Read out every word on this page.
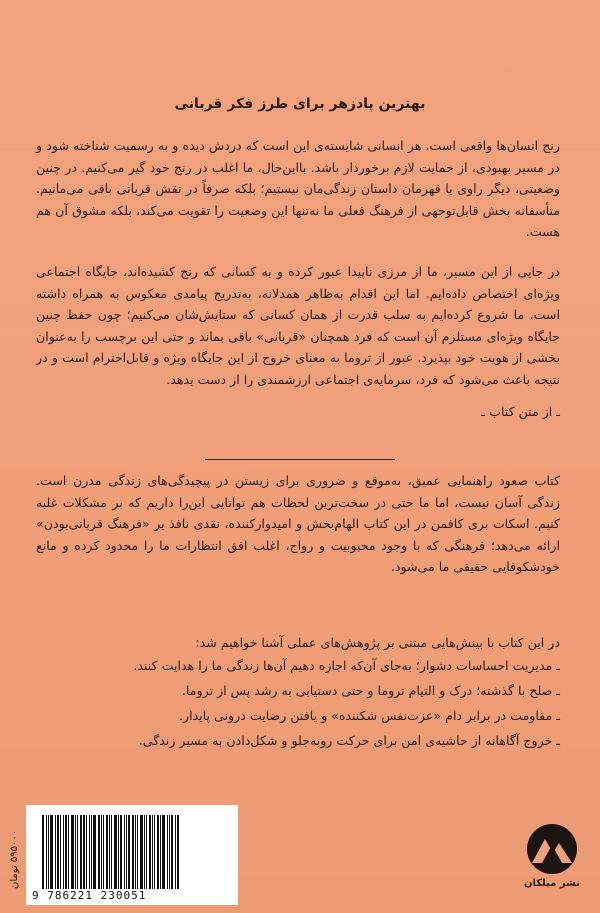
بهترین پادزهر برای طرز فکر قربانی
رنج انسان‌ها واقعی است. هر انسانی شایسته‌ی این است که دردش دیده و به رسمیت شناخته شود و در مسیر بهبودی، از حمایت لازم برخوردار باشد. بااین‌حال، ما اغلب در رنج خود گیر می‌کنیم. در چنین وضعیتی، دیگر راوی یا قهرمان داستان زندگی‌مان نیستیم؛ بلکه صرفاً در نقش قربانی باقی می‌مانیم. متأسفانه بخش قابل‌توجهی از فرهنگ فعلی ما نه‌تنها این وضعیت را تقویت می‌کند، بلکه مشوق آن هم هست.
در جایی از این مسیر، ما از مرزی ناپیدا عبور کرده و به کسانی که رنج کشیده‌اند، جایگاه اجتماعی ویژه‌ای اختصاص داده‌ایم. اما این اقدام به‌ظاهر همدلانه، به‌تدریج پیامدی معکوس به همراه داشته است. ما شروع کرده‌ایم به سلب قدرت از همان کسانی که ستایش‌شان می‌کنیم؛ چون حفظ چنین جایگاه ویژه‌ای مستلزم آن است که فرد همچنان «قربانی» باقی بماند و حتی این برچسب را به‌عنوان بخشی از هویت خود بپذیرد. عبور از تروما به معنای خروج از این جایگاه ویژه و قابل‌احترام است و در نتیجه باعث می‌شود که فرد، سرمایه‌ی اجتماعی ارزشمندی را از دست بدهد.
ـ از متن کتاب ـ
کتاب صعود راهنمایی عمیق، به‌موقع و ضروری برای زیستن در پیچیدگی‌های زندگی مدرن است. زندگی آسان نیست، اما ما حتی در سخت‌ترین لحظات هم توانایی این‌را داریم که بر مشکلات غلبه کنیم. اسکات بری کافمن در این کتاب الهام‌بخش و امیدوارکننده، نقدی نافذ بر «فرهنگ قربانی‌بودن» ارائه می‌دهد؛ فرهنگی که با وجود محبوبیت و رواج، اغلب افق انتظارات ما را محدود کرده و مانع خودشکوفایی حقیقی ما می‌شود.
در این کتاب با بینش‌هایی مبتنی بر پژوهش‌های عملی آشنا خواهیم شد:
ـ مدیریت احساسات دشوار؛ به‌جای آن‌که اجازه دهیم آن‌ها زندگی ما را هدایت کنند.
ـ صلح با گذشته؛ درک و التیام تروما و حتی دستیابی به رشد پس از تروما.
ـ مقاومت در برابر دام «عزت‌نفس شکننده» و یافتن رضایت درونی پایدار.
ـ خروج آگاهانه از حاشیه‌ی امن برای حرکت روبه‌جلو و شکل‌دادن به مسیر زندگی.
۵۹۵۰۰۰ تومان
9 786221 230051
نشر میلکان
